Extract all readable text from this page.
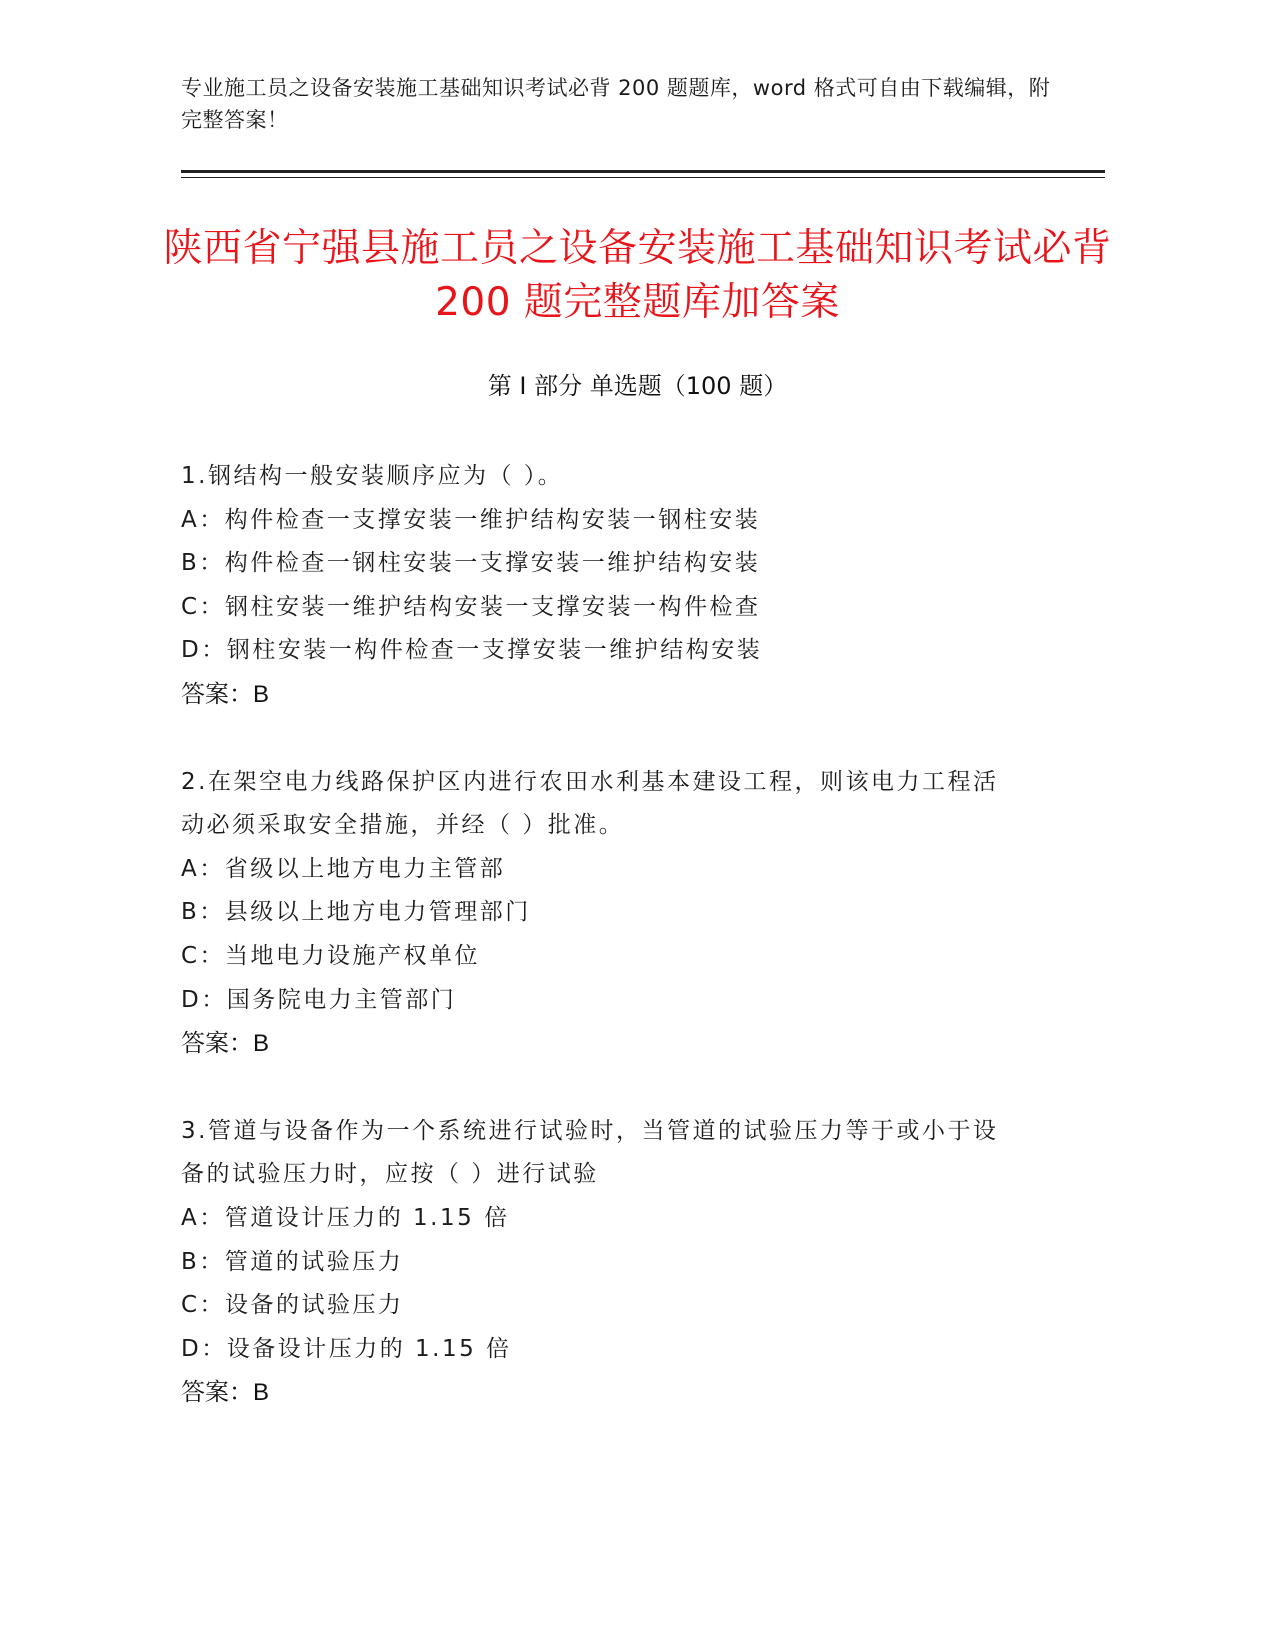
专业施工员之设备安装施工基础知识考试必背 200 题题库，word 格式可自由下载编辑，附完整答案！
陕西省宁强县施工员之设备安装施工基础知识考试必背 200 题完整题库加答案
第 I 部分 单选题（100 题）
1.钢结构一般安装顺序应为（ ）。
A：构件检查一支撑安装一维护结构安装一钢柱安装
B：构件检查一钢柱安装一支撑安装一维护结构安装
C：钢柱安装一维护结构安装一支撑安装一构件检查
D：钢柱安装一构件检查一支撑安装一维护结构安装
答案：B
2.在架空电力线路保护区内进行农田水利基本建设工程，则该电力工程活动必须采取安全措施，并经（ ）批准。
A：省级以上地方电力主管部
B：县级以上地方电力管理部门
C：当地电力设施产权单位
D：国务院电力主管部门
答案：B
3.管道与设备作为一个系统进行试验时，当管道的试验压力等于或小于设备的试验压力时，应按（ ）进行试验
A：管道设计压力的 1.15 倍
B：管道的试验压力
C：设备的试验压力
D：设备设计压力的 1.15 倍
答案：B
